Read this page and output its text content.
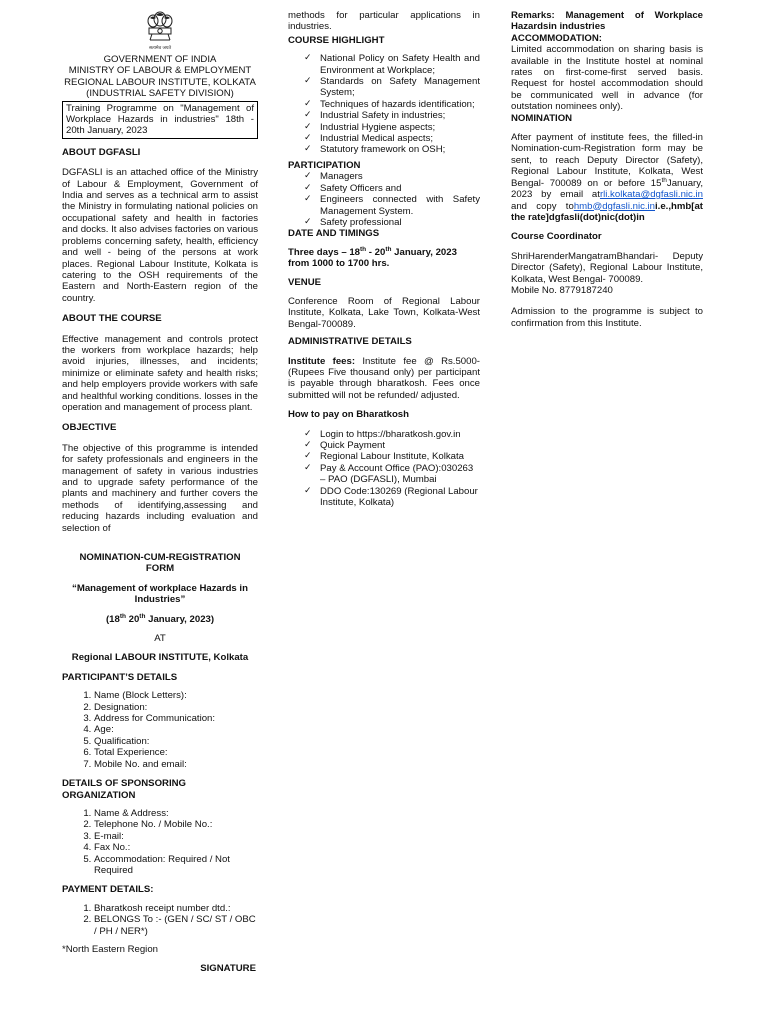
सत्यमेव जयते

GOVERNMENT OF INDIA

MINISTRY OF LABOUR & EMPLOYMENT

REGIONAL LABOUR INSTITUTE, KOLKATA

(INDUSTRIAL SAFETY DIVISION)

Training Programme on "Management of Workplace Hazards in industries" 18th - 20th January, 2023

ABOUT DGFASLI

DGFASLI is an attached office of the Ministry of Labour & Employment, Government of India and serves as a technical arm to assist the Ministry in formulating national policies on occupational safety and health in factories and docks. It also advises factories on various problems concerning safety, health, efficiency and well - being of the persons at work places. Regional Labour Institute, Kolkata is catering to the OSH requirements of the Eastern and North-Eastern region of the country.

ABOUT THE COURSE

Effective management and controls protect the workers from workplace hazards; help avoid injuries, illnesses, and incidents; minimize or eliminate safety and health risks; and help employers provide workers with safe and healthful working conditions. losses in the operation and management of process plant.

OBJECTIVE

The objective of this programme is intended for safety professionals and engineers in the management of safety in various industries and to upgrade safety performance of the plants and machinery and further covers the methods of identifying,assessing and reducing hazards including evaluation and selection of

methods for particular applications in industries.

COURSE HIGHLIGHT

✓ National Policy on Safety Health and Environment at Workplace;
✓ Standards on Safety Management System;
✓ Techniques of hazards identification;
✓ Industrial Safety in industries;
✓ Industrial Hygiene aspects;
✓ Industrial Medical aspects;
✓ Statutory framework on OSH;

PARTICIPATION

✓ Managers
✓ Safety Officers and
✓ Engineers connected with Safety Management System.
✓ Safety professional

DATE AND TIMINGS

Three days – 18th - 20th January, 2023 from 1000 to 1700 hrs.

VENUE

Conference Room of Regional Labour Institute, Kolkata, Lake Town, Kolkata-West Bengal-700089.

ADMINISTRATIVE DETAILS

Institute fees: Institute fee @ Rs.5000-(Rupees Five thousand only) per participant is payable through bharatkosh. Fees once submitted will not be refunded/ adjusted.

How to pay on Bharatkosh

✓ Login to https://bharatkosh.gov.in
✓ Quick Payment
✓ Regional Labour Institute, Kolkata
✓ Pay & Account Office (PAO):030263 – PAO (DGFASLI), Mumbai
✓ DDO Code:130269 (Regional Labour Institute, Kolkata)

Remarks: Management of Workplace Hazardsin industries

ACCOMMODATION:

Limited accommodation on sharing basis is available in the Institute hostel at nominal rates on first-come-first served basis. Request for hostel accommodation should be communicated well in advance (for outstation nominees only).

NOMINATION

After payment of institute fees, the filled-in Nomination-cum-Registration form may be sent, to reach Deputy Director (Safety), Regional Labour Institute, Kolkata, West Bengal- 700089 on or before 15thJanuary, 2023 by email atrli.kolkata@dgfasli.nic.in and copy tohmb@dgfasli.nic.ini.e.,hmb[at the rate]dgfasli(dot)nic(dot)in

Course Coordinator

ShriHarenderMangatramBhandari- Deputy Director (Safety), Regional Labour Institute, Kolkata, West Bengal- 700089.

Mobile No. 8779187240

Admission to the programme is subject to confirmation from this Institute.

NOMINATION-CUM-REGISTRATION FORM

“Management of workplace Hazards in Industries”

(18th 20th January, 2023)

AT

Regional LABOUR INSTITUTE, Kolkata

PARTICIPANT’S DETAILS

1. Name (Block Letters):
2. Designation:
3. Address for Communication:
4. Age:
5. Qualification:
6. Total Experience:
7. Mobile No. and email:

DETAILS OF SPONSORING ORGANIZATION

1. Name & Address:
2. Telephone No. / Mobile No.:
3. E-mail:
4. Fax No.:
5. Accommodation: Required / Not Required

PAYMENT DETAILS:

1. Bharatkosh receipt number dtd.:
2. BELONGS To :- (GEN / SC/ ST / OBC / PH / NER*)

*North Eastern Region

SIGNATURE
